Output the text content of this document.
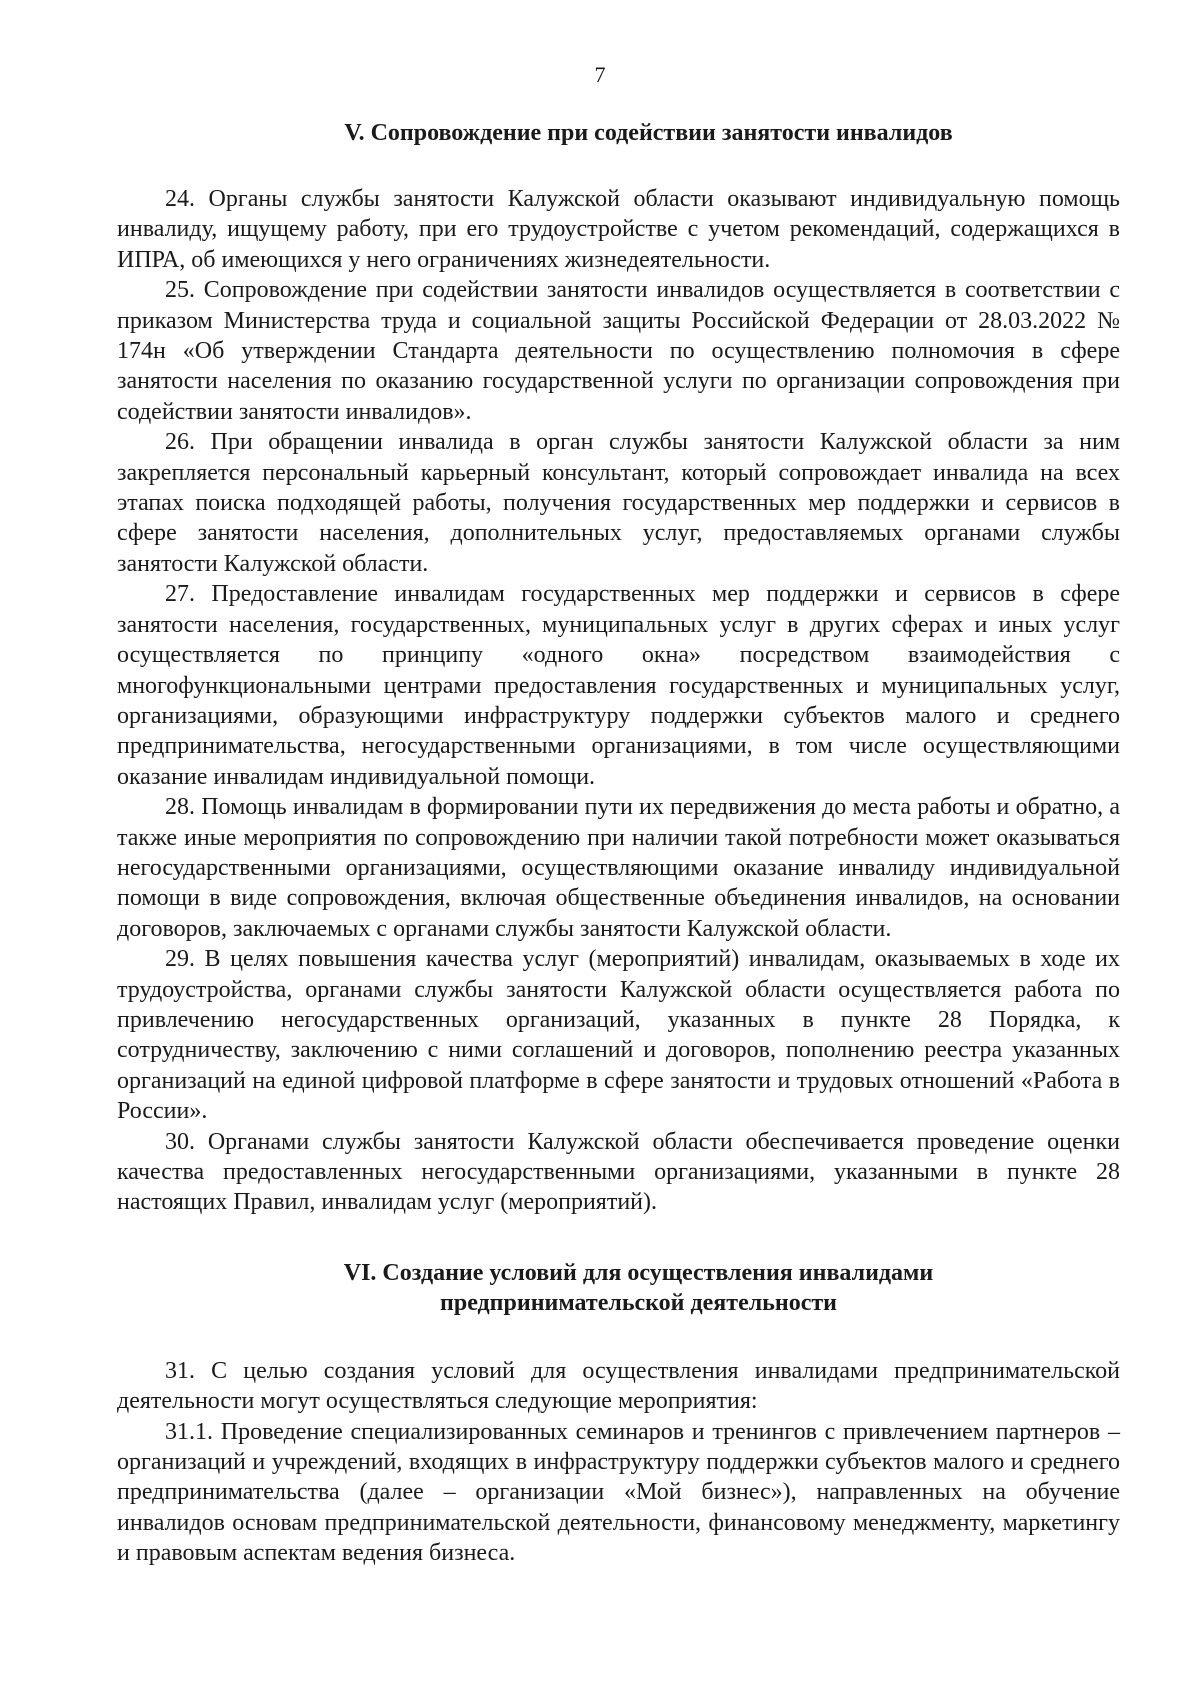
7
V. Сопровождение при содействии занятости инвалидов

24. Органы службы занятости Калужской области оказывают индивидуальную помощь инвалиду, ищущему работу, при его трудоустройстве с учетом рекомендаций, содержащихся в ИПРА, об имеющихся у него ограничениях жизнедеятельности.

25. Сопровождение при содействии занятости инвалидов осуществляется в соответствии с приказом Министерства труда и социальной защиты Российской Федерации от 28.03.2022 № 174н «Об утверждении Стандарта деятельности по осуществлению полномочия в сфере занятости населения по оказанию государственной услуги по организации сопровождения при содействии занятости инвалидов».

26. При обращении инвалида в орган службы занятости Калужской области за ним закрепляется персональный карьерный консультант, который сопровождает инвалида на всех этапах поиска подходящей работы, получения государственных мер поддержки и сервисов в сфере занятости населения, дополнительных услуг, предоставляемых органами службы занятости Калужской области.

27. Предоставление инвалидам государственных мер поддержки и сервисов в сфере занятости населения, государственных, муниципальных услуг в других сферах и иных услуг осуществляется по принципу «одного окна» посредством взаимодействия с многофункциональными центрами предоставления государственных и муниципальных услуг, организациями, образующими инфраструктуру поддержки субъектов малого и среднего предпринимательства, негосударственными организациями, в том числе осуществляющими оказание инвалидам индивидуальной помощи.

28. Помощь инвалидам в формировании пути их передвижения до места работы и обратно, а также иные мероприятия по сопровождению при наличии такой потребности может оказываться негосударственными организациями, осуществляющими оказание инвалиду индивидуальной помощи в виде сопровождения, включая общественные объединения инвалидов, на основании договоров, заключаемых с органами службы занятости Калужской области.

29. В целях повышения качества услуг (мероприятий) инвалидам, оказываемых в ходе их трудоустройства, органами службы занятости Калужской области осуществляется работа по привлечению негосударственных организаций, указанных в пункте 28 Порядка, к сотрудничеству, заключению с ними соглашений и договоров, пополнению реестра указанных организаций на единой цифровой платформе в сфере занятости и трудовых отношений «Работа в России».

30. Органами службы занятости Калужской области обеспечивается проведение оценки качества предоставленных негосударственными организациями, указанными в пункте 28 настоящих Правил, инвалидам услуг (мероприятий).

VI. Создание условий для осуществления инвалидами
предпринимательской деятельности

31. С целью создания условий для осуществления инвалидами предпринимательской деятельности могут осуществляться следующие мероприятия:

31.1. Проведение специализированных семинаров и тренингов с привлечением партнеров – организаций и учреждений, входящих в инфраструктуру поддержки субъектов малого и среднего предпринимательства (далее – организации «Мой бизнес»), направленных на обучение инвалидов основам предпринимательской деятельности, финансовому менеджменту, маркетингу и правовым аспектам ведения бизнеса.
